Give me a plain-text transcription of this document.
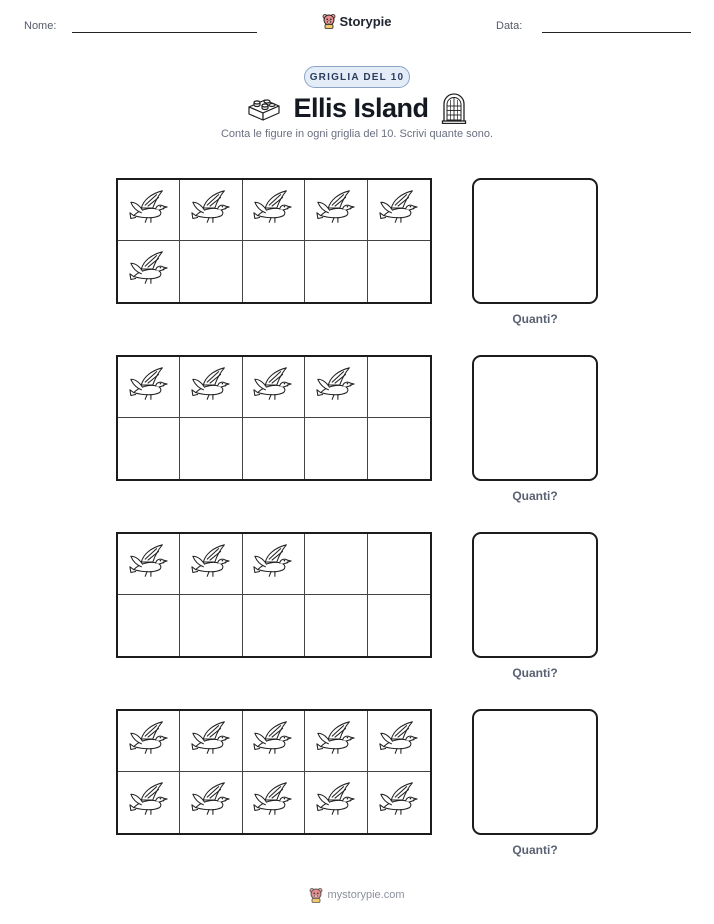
Nome:	Storypie	Data:
GRIGLIA DEL 10
Ellis Island
Conta le figure in ogni griglia del 10. Scrivi quante sono.
Quanti?
Quanti?
Quanti?
Quanti?
mystorypie.com
